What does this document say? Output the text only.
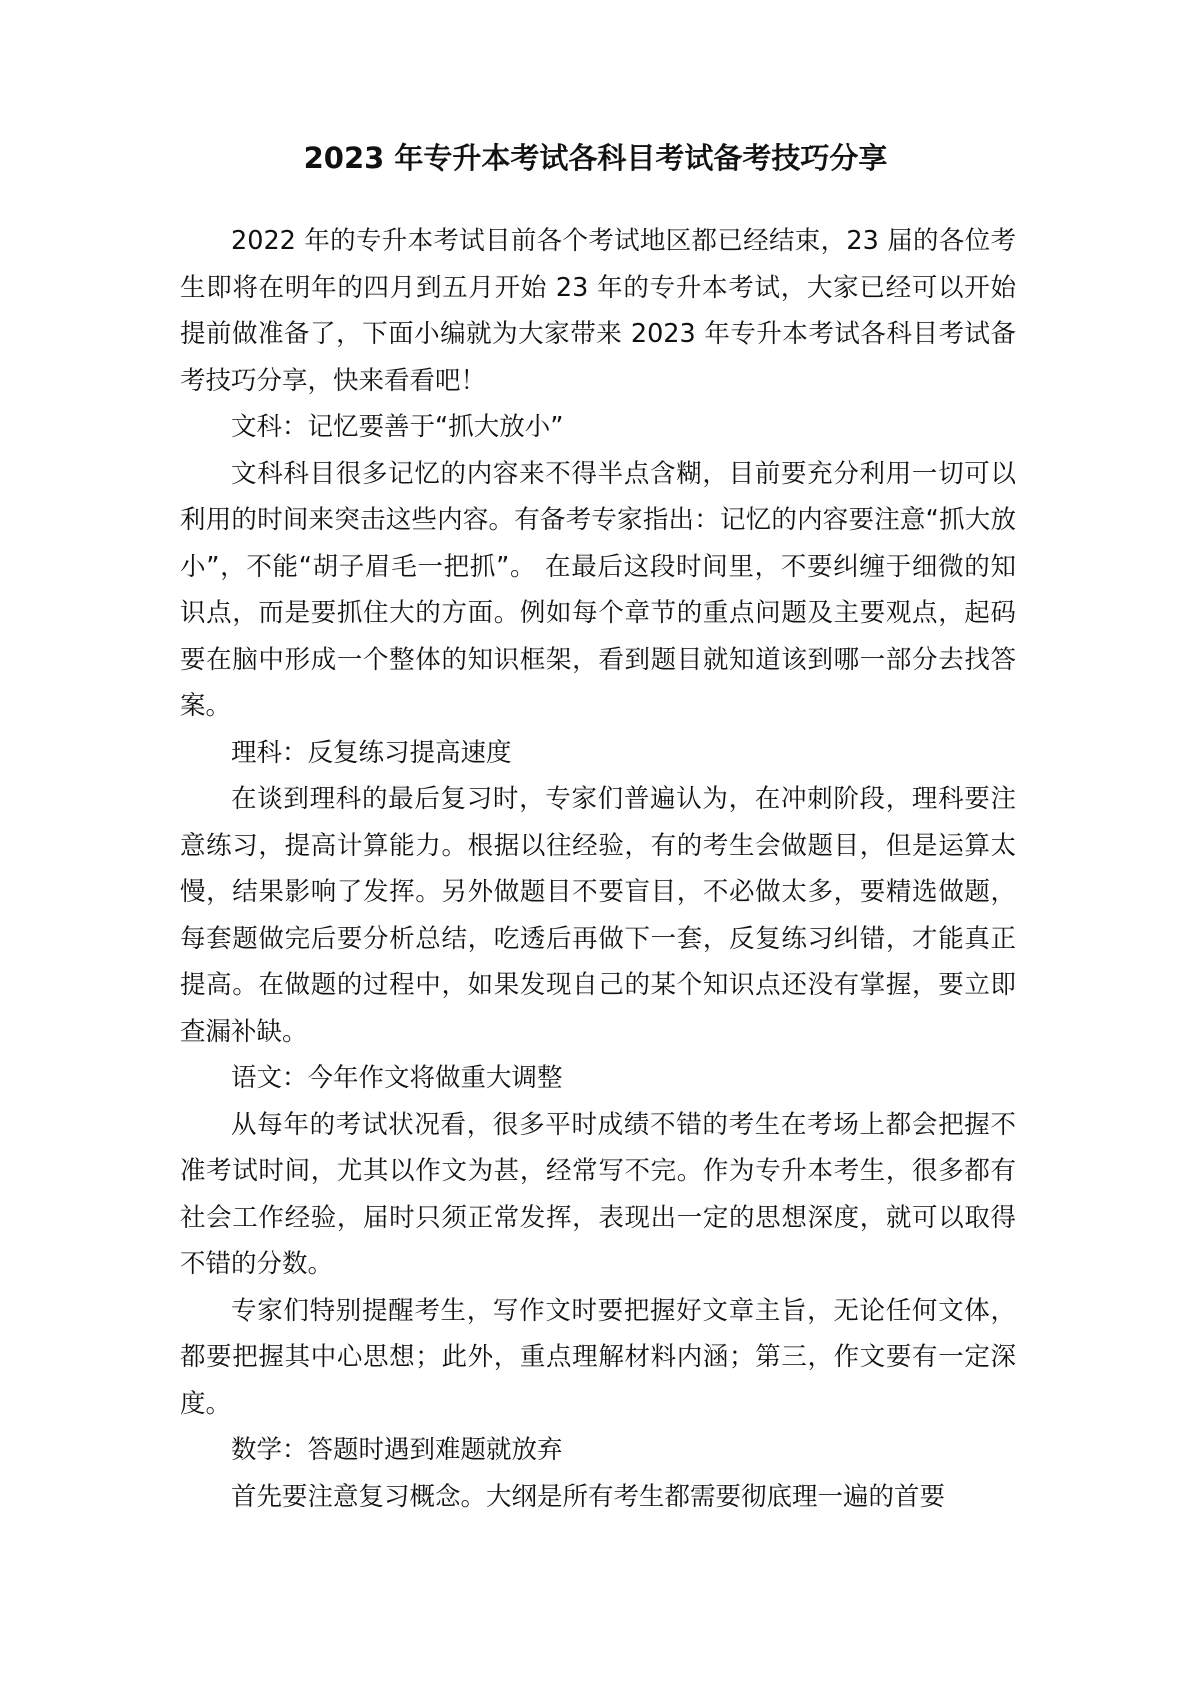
2023 年专升本考试各科目考试备考技巧分享

2022 年的专升本考试目前各个考试地区都已经结束，23 届的各位考生即将在明年的四月到五月开始 23 年的专升本考试，大家已经可以开始提前做准备了，下面小编就为大家带来 2023 年专升本考试各科目考试备考技巧分享，快来看看吧！

文科：记忆要善于“抓大放小”

文科科目很多记忆的内容来不得半点含糊，目前要充分利用一切可以利用的时间来突击这些内容。有备考专家指出：记忆的内容要注意“抓大放小”，不能“胡子眉毛一把抓”。 在最后这段时间里，不要纠缠于细微的知识点，而是要抓住大的方面。例如每个章节的重点问题及主要观点，起码要在脑中形成一个整体的知识框架，看到题目就知道该到哪一部分去找答案。

理科：反复练习提高速度

在谈到理科的最后复习时，专家们普遍认为，在冲刺阶段，理科要注意练习，提高计算能力。根据以往经验，有的考生会做题目，但是运算太慢，结果影响了发挥。另外做题目不要盲目，不必做太多，要精选做题，每套题做完后要分析总结，吃透后再做下一套，反复练习纠错，才能真正提高。在做题的过程中，如果发现自己的某个知识点还没有掌握，要立即查漏补缺。

语文：今年作文将做重大调整

从每年的考试状况看，很多平时成绩不错的考生在考场上都会把握不准考试时间，尤其以作文为甚，经常写不完。作为专升本考生，很多都有社会工作经验，届时只须正常发挥，表现出一定的思想深度，就可以取得不错的分数。

专家们特别提醒考生，写作文时要把握好文章主旨，无论任何文体，都要把握其中心思想；此外，重点理解材料内涵；第三，作文要有一定深度。

数学：答题时遇到难题就放弃

首先要注意复习概念。大纲是所有考生都需要彻底理一遍的首要
